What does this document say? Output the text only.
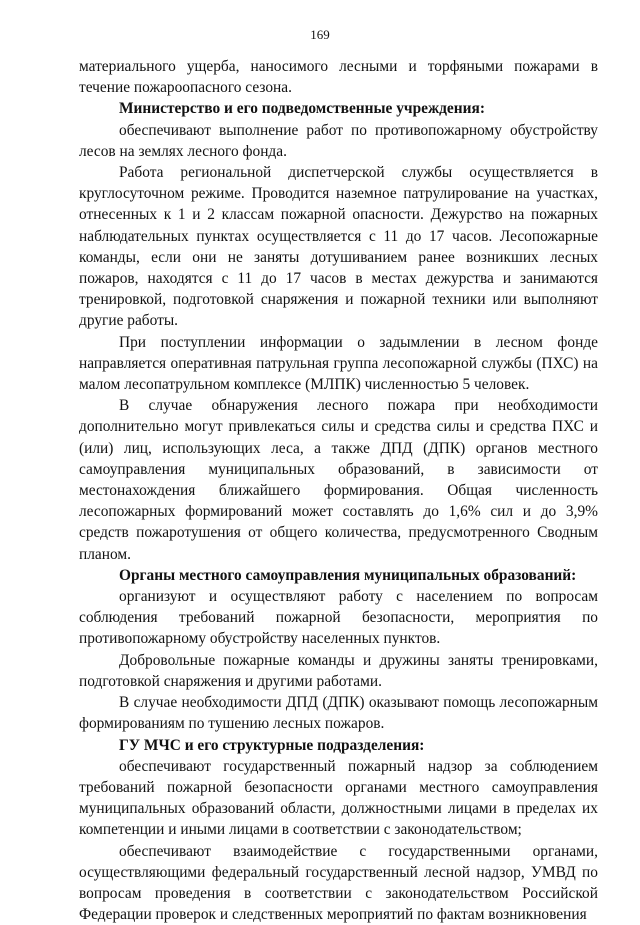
169

материального ущерба, наносимого лесными и торфяными пожарами в течение пожароопасного сезона.

Министерство и его подведомственные учреждения:

обеспечивают выполнение работ по противопожарному обустройству лесов на землях лесного фонда.

Работа региональной диспетчерской службы осуществляется в круглосуточном режиме. Проводится наземное патрулирование на участках, отнесенных к 1 и 2 классам пожарной опасности. Дежурство на пожарных наблюдательных пунктах осуществляется с 11 до 17 часов. Лесопожарные команды, если они не заняты дотушиванием ранее возникших лесных пожаров, находятся с 11 до 17 часов в местах дежурства и занимаются тренировкой, подготовкой снаряжения и пожарной техники или выполняют другие работы.

При поступлении информации о задымлении в лесном фонде направляется оперативная патрульная группа лесопожарной службы (ПХС) на малом лесопатрульном комплексе (МЛПК) численностью 5 человек.

В случае обнаружения лесного пожара при необходимости дополнительно могут привлекаться силы и средства силы и средства ПХС и (или) лиц, использующих леса, а также ДПД (ДПК) органов местного самоуправления муниципальных образований, в зависимости от местонахождения ближайшего формирования. Общая численность лесопожарных формирований может составлять до 1,6% сил и до 3,9% средств пожаротушения от общего количества, предусмотренного Сводным планом.

Органы местного самоуправления муниципальных образований:

организуют и осуществляют работу с населением по вопросам соблюдения требований пожарной безопасности, мероприятия по противопожарному обустройству населенных пунктов.

Добровольные пожарные команды и дружины заняты тренировками, подготовкой снаряжения и другими работами.

В случае необходимости ДПД (ДПК) оказывают помощь лесопожарным формированиям по тушению лесных пожаров.

ГУ МЧС и его структурные подразделения:

обеспечивают государственный пожарный надзор за соблюдением требований пожарной безопасности органами местного самоуправления муниципальных образований области, должностными лицами в пределах их компетенции и иными лицами в соответствии с законодательством;

обеспечивают взаимодействие с государственными органами, осуществляющими федеральный государственный лесной надзор, УМВД по вопросам проведения в соответствии с законодательством Российской Федерации проверок и следственных мероприятий по фактам возникновения
